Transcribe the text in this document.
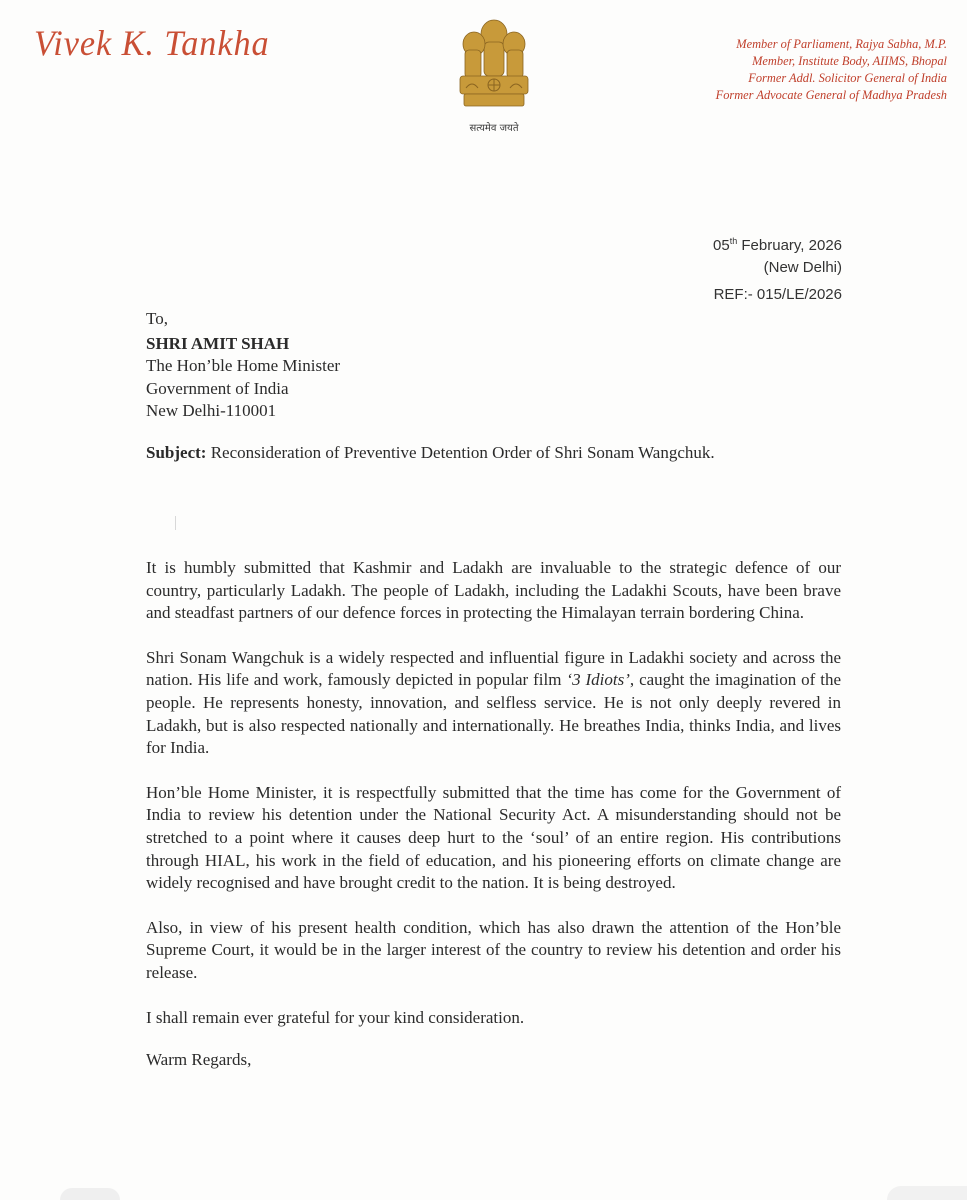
Vivek K. Tankha
सत्यमेव जयते
Member of Parliament, Rajya Sabha, M.P.
Member, Institute Body, AIIMS, Bhopal
Former Addl. Solicitor General of India
Former Advocate General of Madhya Pradesh
05th February, 2026
(New Delhi)
REF:- 015/LE/2026
To,
SHRI AMIT SHAH
The Hon’ble Home Minister
Government of India
New Delhi-110001
Subject: Reconsideration of Preventive Detention Order of Shri Sonam Wangchuk.

It is humbly submitted that Kashmir and Ladakh are invaluable to the strategic defence of our country, particularly Ladakh. The people of Ladakh, including the Ladakhi Scouts, have been brave and steadfast partners of our defence forces in protecting the Himalayan terrain bordering China.

Shri Sonam Wangchuk is a widely respected and influential figure in Ladakhi society and across the nation. His life and work, famously depicted in popular film ‘3 Idiots’, caught the imagination of the people. He represents honesty, innovation, and selfless service. He is not only deeply revered in Ladakh, but is also respected nationally and internationally. He breathes India, thinks India, and lives for India.

Hon’ble Home Minister, it is respectfully submitted that the time has come for the Government of India to review his detention under the National Security Act. A misunderstanding should not be stretched to a point where it causes deep hurt to the ‘soul’ of an entire region. His contributions through HIAL, his work in the field of education, and his pioneering efforts on climate change are widely recognised and have brought credit to the nation. It is being destroyed.

Also, in view of his present health condition, which has also drawn the attention of the Hon’ble Supreme Court, it would be in the larger interest of the country to review his detention and order his release.

I shall remain ever grateful for your kind consideration.

Warm Regards,
